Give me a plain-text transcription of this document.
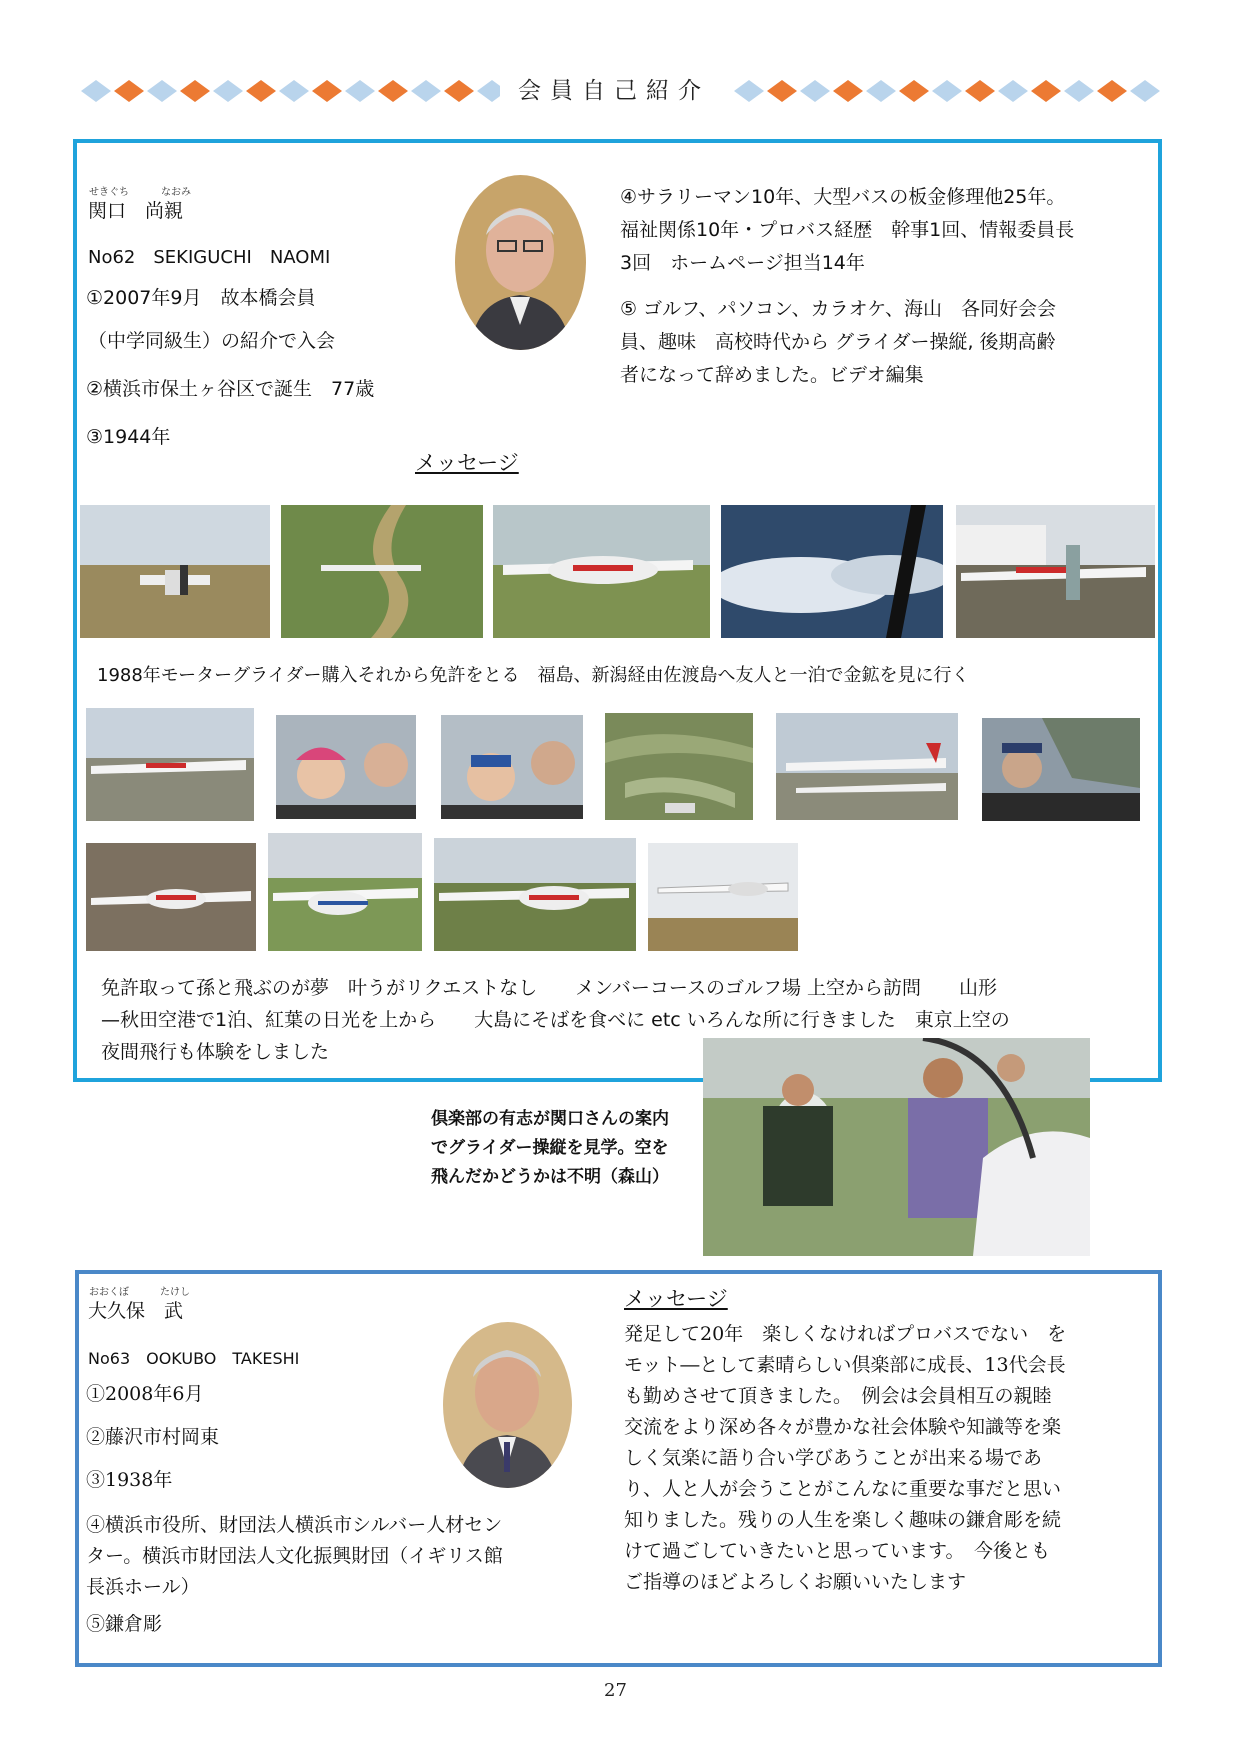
会員自己紹介
せきぐち	なおみ
関口　尚親
No62　SEKIGUCHI　NAOMI
①2007年9月　故本橋会員
（中学同級生）の紹介で入会
②横浜市保土ヶ谷区で誕生　77歳
③1944年
④サラリーマン10年、大型バスの板金修理他25年。
福祉関係10年・プロバス経歴　幹事1回、情報委員長
3回　ホームページ担当14年
⑤ ゴルフ、パソコン、カラオケ、海山　各同好会会
員、趣味　高校時代から グライダー操縦, 後期高齢
者になって辞めました。ビデオ編集
メッセージ
1988年モーターグライダー購入それから免許をとる　福島、新潟経由佐渡島へ友人と一泊で金鉱を見に行く
免許取って孫と飛ぶのが夢　叶うがリクエストなし　　メンバーコースのゴルフ場 上空から訪問　　山形
—秋田空港で1泊、紅葉の日光を上から　　大島にそばを食べに etc いろんな所に行きました　東京上空の
夜間飛行も体験をしました
倶楽部の有志が関口さんの案内
でグライダー操縦を見学。空を
飛んだかどうかは不明（森山）
おおくぼ	たけし
大久保　武
No63　OOKUBO　TAKESHI
①2008年6月
②藤沢市村岡東
③1938年
④横浜市役所、財団法人横浜市シルバー人材セン
ター。横浜市財団法人文化振興財団（イギリス館
長浜ホール）
⑤鎌倉彫
メッセージ
発足して20年　楽しくなければプロバスでない　を
モット―として素晴らしい倶楽部に成長、13代会長
も勤めさせて頂きました。　例会は会員相互の親睦
交流をより深め各々が豊かな社会体験や知識等を楽
しく気楽に語り合い学びあうことが出来る場であ
り、人と人が会うことがこんなに重要な事だと思い
知りました。残りの人生を楽しく趣味の鎌倉彫を続
けて過ごしていきたいと思っています。　今後とも
ご指導のほどよろしくお願いいたします
27
